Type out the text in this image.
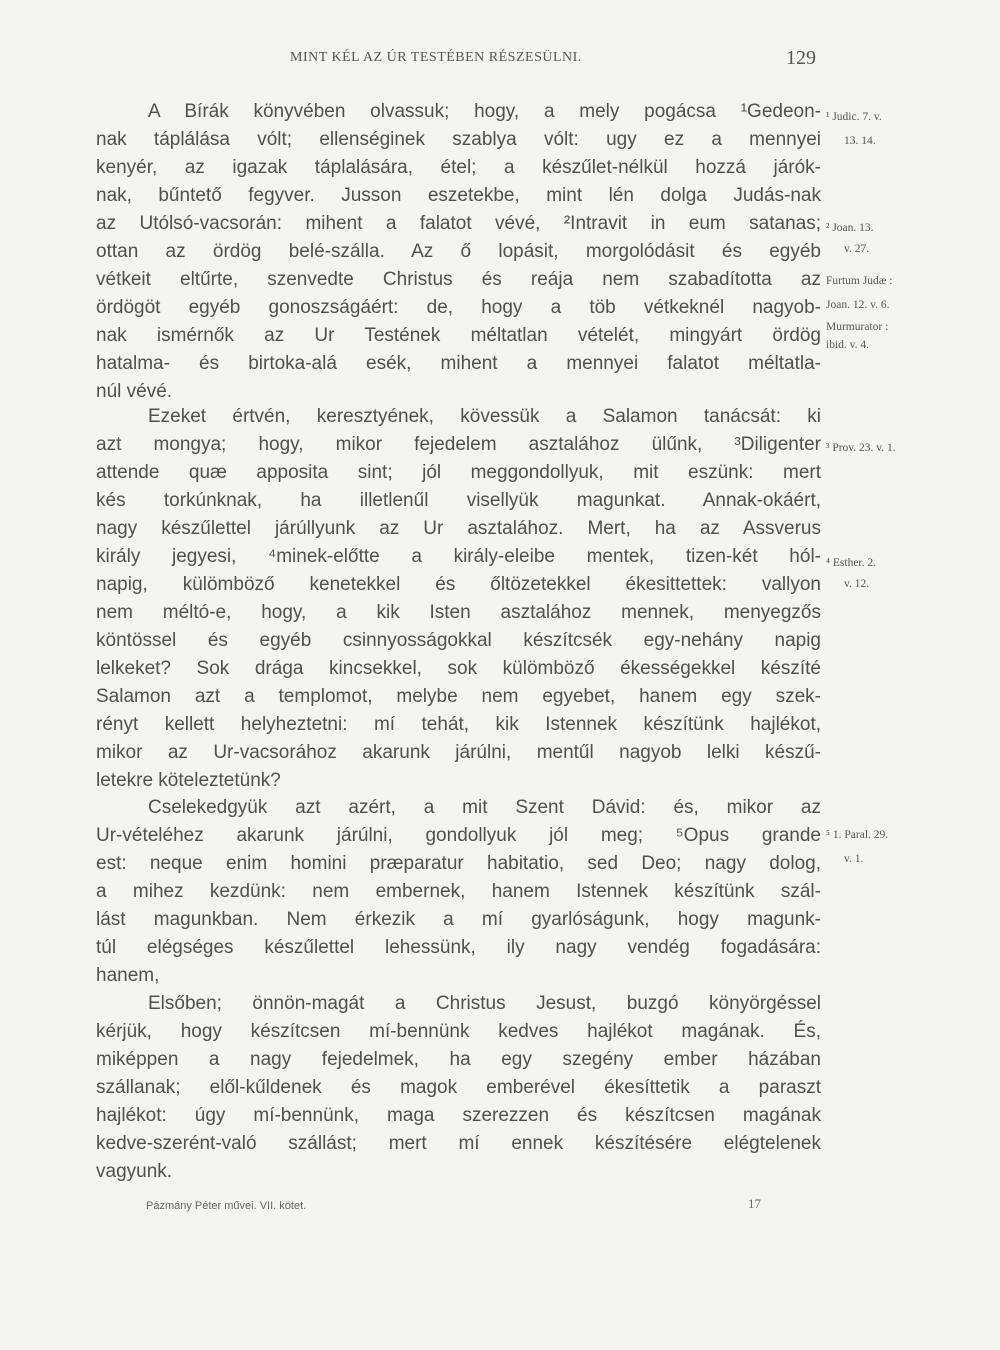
MINT KÉL AZ ÚR TESTÉBEN RÉSZESÜLNI.	129
A Bírák könyvében olvassuk; hogy, a mely pogácsa ¹Gedeon-
nak táplálása vólt; ellenséginek szablya vólt: ugy ez a mennyei
kenyér, az igazak táplalására, étel; a készűlet-nélkül hozzá járók-
nak, bűntető fegyver. Jusson eszetekbe, mint lén dolga Judás-nak
az Utólsó-vacsorán: mihent a falatot vévé, ²Intravit in eum satanas;
ottan az ördög belé-szálla. Az ő lopásit, morgolódásit és egyéb
vétkeit eltűrte, szenvedte Christus és reája nem szabadította az
ördögöt egyéb gonoszságáért: de, hogy a töb vétkeknél nagyob-
nak ismérnők az Ur Testének méltatlan vételét, mingyárt ördög
hatalma- és birtoka-alá esék, mihent a mennyei falatot méltatla-
núl vévé.
Ezeket értvén, keresztyének, kövessük a Salamon tanácsát: ki
azt mongya; hogy, mikor fejedelem asztalához ülűnk, ³Diligenter
attende quæ apposita sint; jól meggondollyuk, mit eszünk: mert
kés torkúnknak, ha illetlenűl visellyük magunkat. Annak-okáért,
nagy készűlettel járúllyunk az Ur asztalához. Mert, ha az Assverus
király jegyesi, ⁴minek-előtte a király-eleibe mentek, tizen-két hól-
napig, külömböző kenetekkel és őltözetekkel ékesittettek: vallyon
nem méltó-e, hogy, a kik Isten asztalához mennek, menyegzős
köntössel és egyéb csinnyosságokkal készítcsék egy-nehány napig
lelkeket? Sok drága kincsekkel, sok külömböző ékességekkel készíté
Salamon azt a templomot, melybe nem egyebet, hanem egy szek-
rényt kellett helyheztetni: mí tehát, kik Istennek készítünk hajlékot,
mikor az Ur-vacsorához akarunk járúlni, mentűl nagyob lelki készű-
letekre köteleztetünk?
Cselekedgyük azt azért, a mit Szent Dávid: és, mikor az
Ur-vételéhez akarunk járúlni, gondollyuk jól meg; ⁵Opus grande
est: neque enim homini præparatur habitatio, sed Deo; nagy dolog,
a mihez kezdünk: nem embernek, hanem Istennek készítünk szál-
lást magunkban. Nem érkezik a mí gyarlóságunk, hogy magunk-
túl elégséges készűlettel lehessünk, ily nagy vendég fogadására:
hanem,
Elsőben; önnön-magát a Christus Jesust, buzgó könyörgéssel
kérjük, hogy készítcsen mí-bennünk kedves hajlékot magának. És,
miképpen a nagy fejedelmek, ha egy szegény ember házában
szállanak; elől-kűldenek és magok emberével ékesíttetik a paraszt
hajlékot: úgy mí-bennünk, maga szerezzen és készítcsen magának
kedve-szerént-való szállást; mert mí ennek készítésére elégtelenek
vagyunk.
¹ Judic. 7. v.
13. 14.
² Joan. 13.
v. 27.
Furtum Judæ :
Joan. 12. v. 6.
Murmurator :
ibid. v. 4.
³ Prov. 23. v. 1.
⁴ Esther. 2.
v. 12.
⁵ 1. Paral. 29.
v. 1.
Pázmány Péter művei. VII. kötet.	17
